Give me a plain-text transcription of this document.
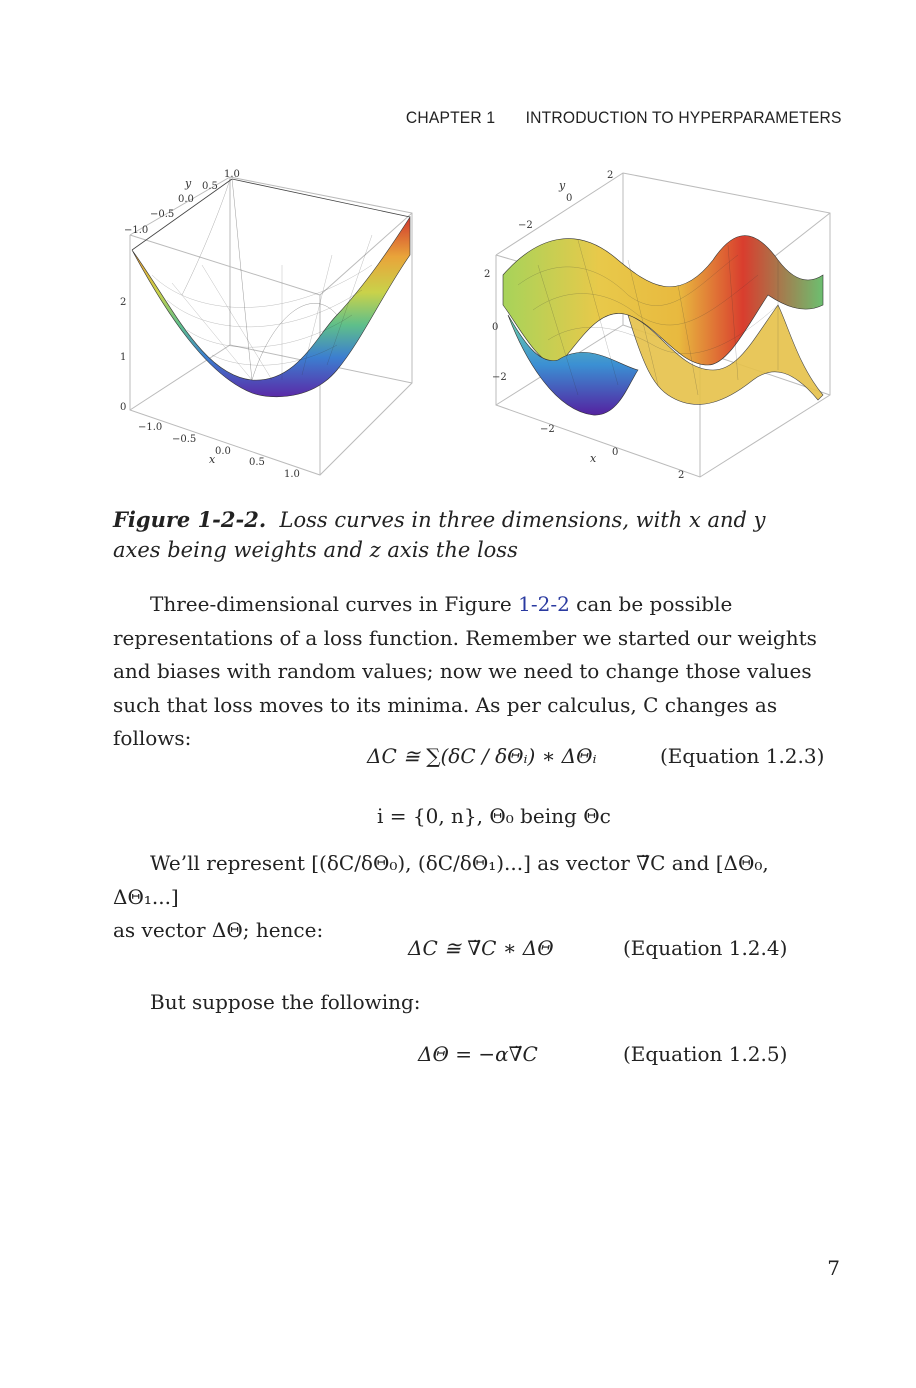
CHAPTER 1 INTRODUCTION TO HYPERPARAMETERS
y
1.0
0.5
0.0
−0.5
−1.0
2
1
0
−1.0
−0.5
0.0
x	0.5
1.0
y
2
0
−2
2
0
−2
−2
0
x
2
Figure 1-2-2. Loss curves in three dimensions, with x and y axes being weights and z axis the loss
Three-dimensional curves in Figure 1-2-2 can be possible representations of a loss function. Remember we started our weights and biases with random values; now we need to change those values such that loss moves to its minima. As per calculus, C changes as follows:
ΔC ≅ ∑(δC / δΘᵢ) ∗ ΔΘᵢ	(Equation 1.2.3)
i = {0, n}, Θ₀ being Θc
We’ll represent [(δC/δΘ₀), (δC/δΘ₁)...] as vector ∇̈C and [ΔΘ₀, ΔΘ₁...]
as vector ΔΘ; hence:
ΔC ≅ ∇̈C ∗ ΔΘ	(Equation 1.2.4)
But suppose the following:
ΔΘ = −α∇̈C	(Equation 1.2.5)
7
